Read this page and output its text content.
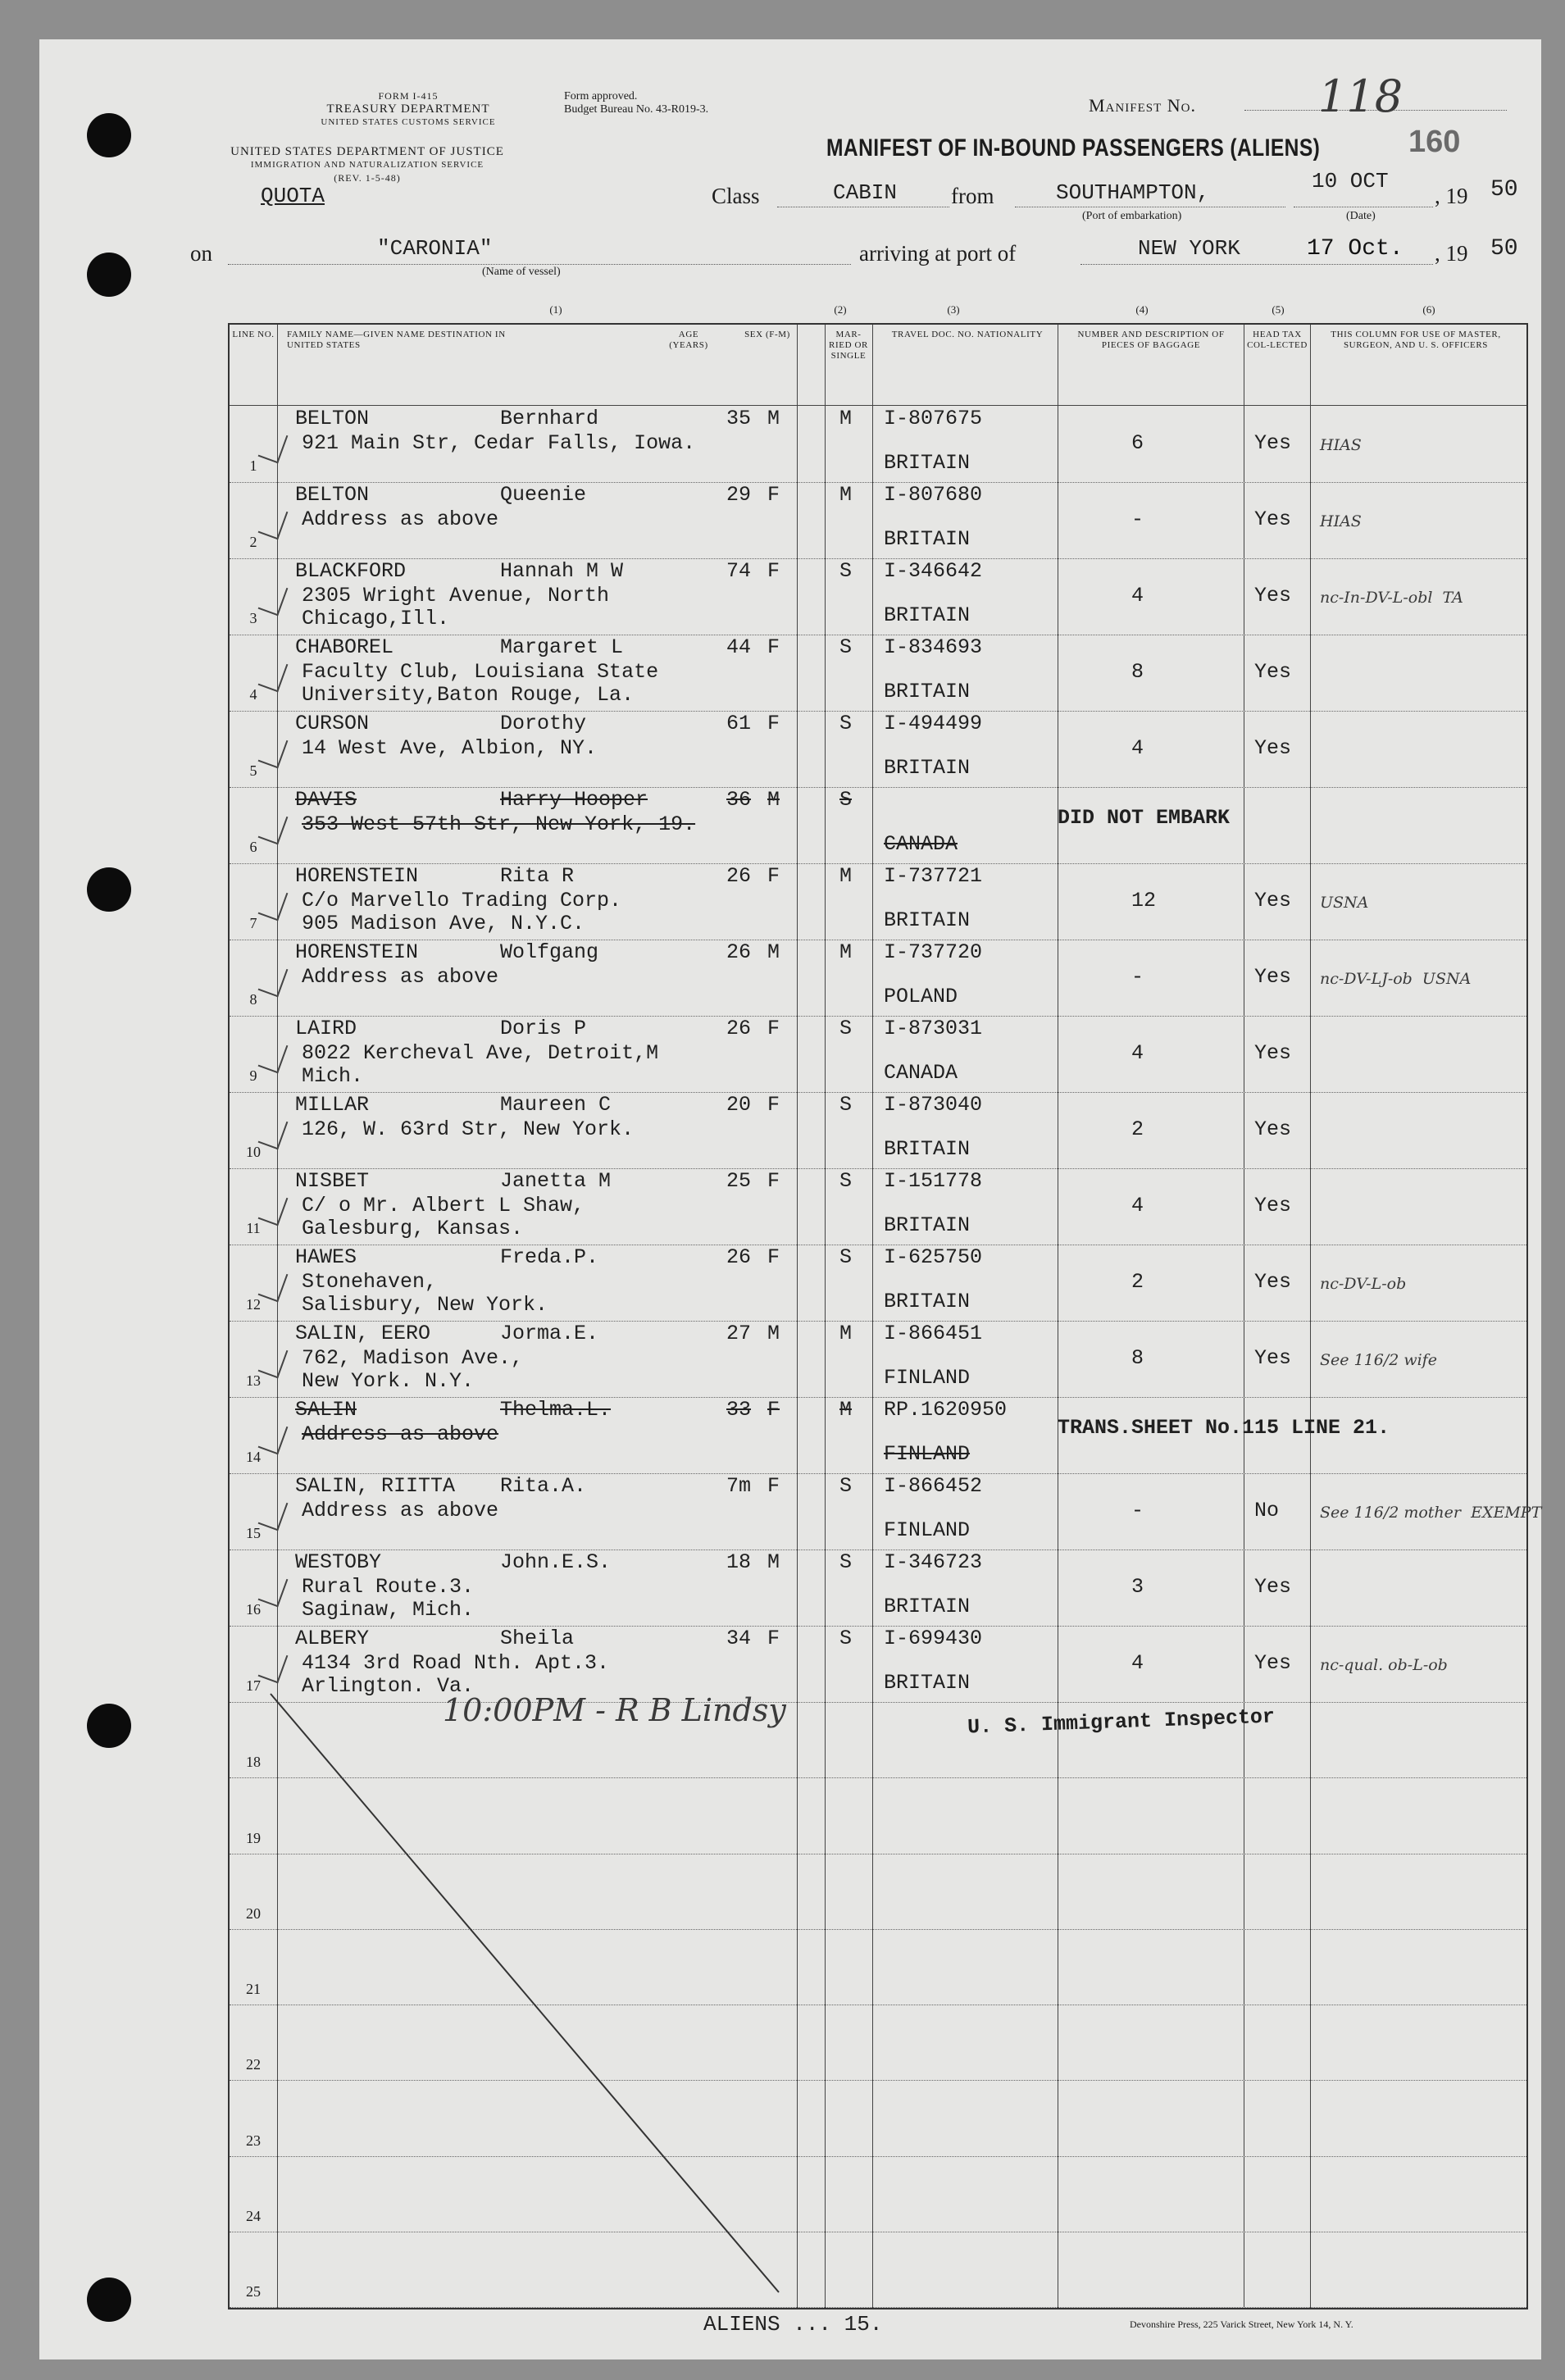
FORM I-415
TREASURY DEPARTMENT
UNITED STATES CUSTOMS SERVICE
UNITED STATES DEPARTMENT OF JUSTICE
IMMIGRATION AND NATURALIZATION SERVICE
(REV. 1-5-48)
Form approved.
Budget Bureau No. 43-R019-3.	Manifest No.	118
MANIFEST OF IN-BOUND PASSENGERS (ALIENS)	160
QUOTA	Class	CABIN from	SOUTHAMPTON,
(Port of embarkation)
10 OCT
(Date)
, 19 50
on	"CARONIA"
(Name of vessel)
arriving at port of	NEW YORK	17 Oct. , 19 50
(1)	(2)	(3)	(4)	(5)	(6)
LINE NO.	FAMILY NAME—GIVEN NAME DESTINATION IN UNITED STATES
AGE (YEARS)
SEX (F-M)	MAR-RIED OR SINGLE
TRAVEL DOC. NO. NATIONALITY	NUMBER AND DESCRIPTION OF PIECES OF BAGGAGE
HEAD TAX COL-LECTED
THIS COLUMN FOR USE OF MASTER, SURGEON, AND U. S. OFFICERS
1
BELTON	Bernhard	35 M	M
921 Main Str, Cedar Falls, Iowa.
I-807675
BRITAIN
6	Yes HIAS
2
BELTON	Queenie	29 F	M
Address as above
I-807680
BRITAIN
-	Yes HIAS
3
BLACKFORD	Hannah M W	74 F	S
2305 Wright Avenue, North
Chicago,Ill.
I-346642
BRITAIN
4	Yes nc-In-DV-L-obl  TA
4
CHABOREL	Margaret L	44 F	S
Faculty Club, Louisiana State
University,Baton Rouge, La.
I-834693
BRITAIN
8	Yes
5
CURSON	Dorothy	61 F	S
14 West Ave, Albion, NY.
I-494499
BRITAIN
4	Yes
6
DAVIS	Harry Hooper	36 M	S
353 West 57th Str, New York, 19.
CANADA
DID NOT EMBARK
7
HORENSTEIN	Rita R	26 F	M
C/o Marvello Trading Corp.
905 Madison Ave, N.Y.C.
I-737721
BRITAIN
12	Yes USNA
8
HORENSTEIN	Wolfgang	26 M	M
Address as above
I-737720
POLAND
-	Yes nc-DV-LJ-ob  USNA
9
LAIRD	Doris P	26 F	S
8022 Kercheval Ave, Detroit,M
Mich.
I-873031
CANADA
4	Yes
10
MILLAR	Maureen C	20 F	S
126, W. 63rd Str, New York.
I-873040
BRITAIN
2	Yes
11
NISBET	Janetta M	25 F	S
C/ o Mr. Albert L Shaw,
Galesburg, Kansas.
I-151778
BRITAIN
4	Yes
12
HAWES	Freda.P.	26 F	S
Stonehaven,
Salisbury, New York.
I-625750
BRITAIN
2	Yes nc-DV-L-ob
13
SALIN, EERO	Jorma.E.	27 M	M
762, Madison Ave.,
New York. N.Y.
I-866451
FINLAND
8	Yes See 116/2 wife
14
SALIN	Thelma.L.	33 F	M
Address as above
RP.1620950
FINLAND
TRANS.SHEET No.115 LINE 21.
15
SALIN, RIITTA Rita.A.	7m F	S
Address as above
I-866452
FINLAND
-	No	See 116/2 mother  EXEMPT
16
WESTOBY	John.E.S.	18 M	S
Rural Route.3.
Saginaw, Mich.
I-346723
BRITAIN
3	Yes
17
ALBERY	Sheila	34 F	S
4134 3rd Road Nth. Apt.3.
Arlington. Va.
I-699430
BRITAIN
4	Yes nc-qual. ob-L-ob
18
19
20
21
22
23
24
25
10:00PM - R B Lindsy	U. S. Immigrant Inspector
ALIENS ... 15.	Devonshire Press, 225 Varick Street, New York 14, N. Y.
